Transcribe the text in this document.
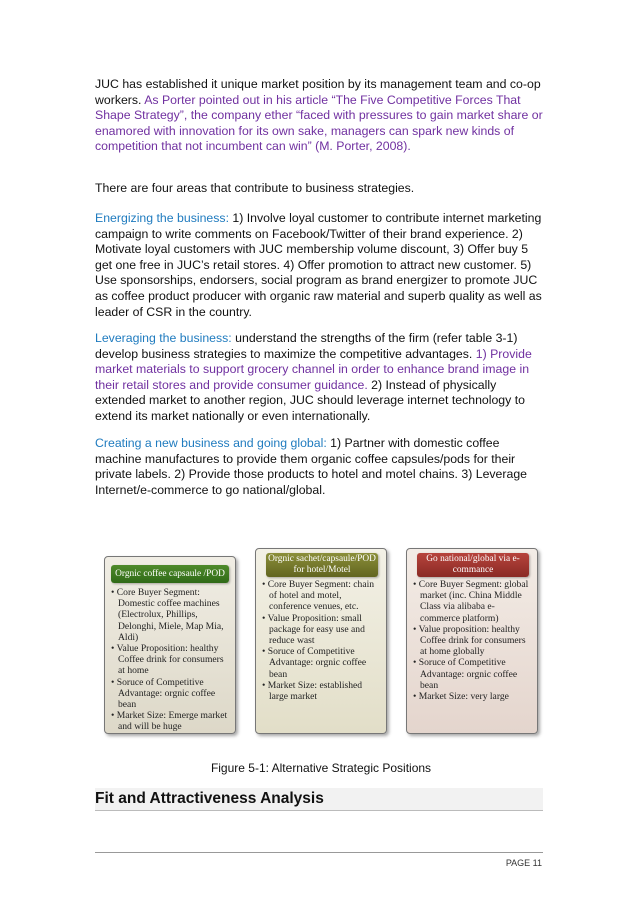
JUC has established it unique market position by its management team and co-op workers. As Porter pointed out in his article “The Five Competitive Forces That Shape Strategy”, the company ether “faced with pressures to gain market share or enamored with innovation for its own sake, managers can spark new kinds of competition that not incumbent can win” (M. Porter, 2008).

There are four areas that contribute to business strategies.

Energizing the business: 1) Involve loyal customer to contribute internet marketing campaign to write comments on Facebook/Twitter of their brand experience. 2) Motivate loyal customers with JUC membership volume discount, 3) Offer buy 5 get one free in JUC’s retail stores. 4) Offer promotion to attract new customer. 5) Use sponsorships, endorsers, social program as brand energizer to promote JUC as coffee product producer with organic raw material and superb quality as well as leader of CSR in the country.

Leveraging the business: understand the strengths of the firm (refer table 3-1) develop business strategies to maximize the competitive advantages. 1) Provide market materials to support grocery channel in order to enhance brand image in their retail stores and provide consumer guidance. 2) Instead of physically extended market to another region, JUC should leverage internet technology to extend its market nationally or even internationally.

Creating a new business and going global: 1) Partner with domestic coffee machine manufactures to provide them organic coffee capsules/pods for their private labels. 2) Provide those products to hotel and motel chains. 3) Leverage Internet/e-commerce to go national/global.

Orgnic coffee capsaule /POD
• Core Buyer Segment: Domestic coffee machines (Electrolux, Phillips, Delonghi, Miele, Map Mia, Aldi)
• Value Proposition: healthy Coffee drink for consumers at home
• Soruce of Competitive Advantage: orgnic coffee bean
• Market Size: Emerge market and will be huge
Orgnic sachet/capsaule/POD for hotel/Motel
• Core Buyer Segment: chain of hotel and motel, conference venues, etc.
• Value Proposition: small package for easy use and reduce wast
• Soruce of Competitive Advantage: orgnic coffee bean
• Market Size: established large market
Go national/global via e-commance
• Core Buyer Segment: global market (inc. China Middle Class via alibaba e-commerce platform)
• Value proposition: healthy Coffee drink for consumers at home globally
• Soruce of Competitive Advantage: orgnic coffee bean
• Market Size: very large

Figure 5-1: Alternative Strategic Positions

Fit and Attractiveness Analysis
PAGE 11
